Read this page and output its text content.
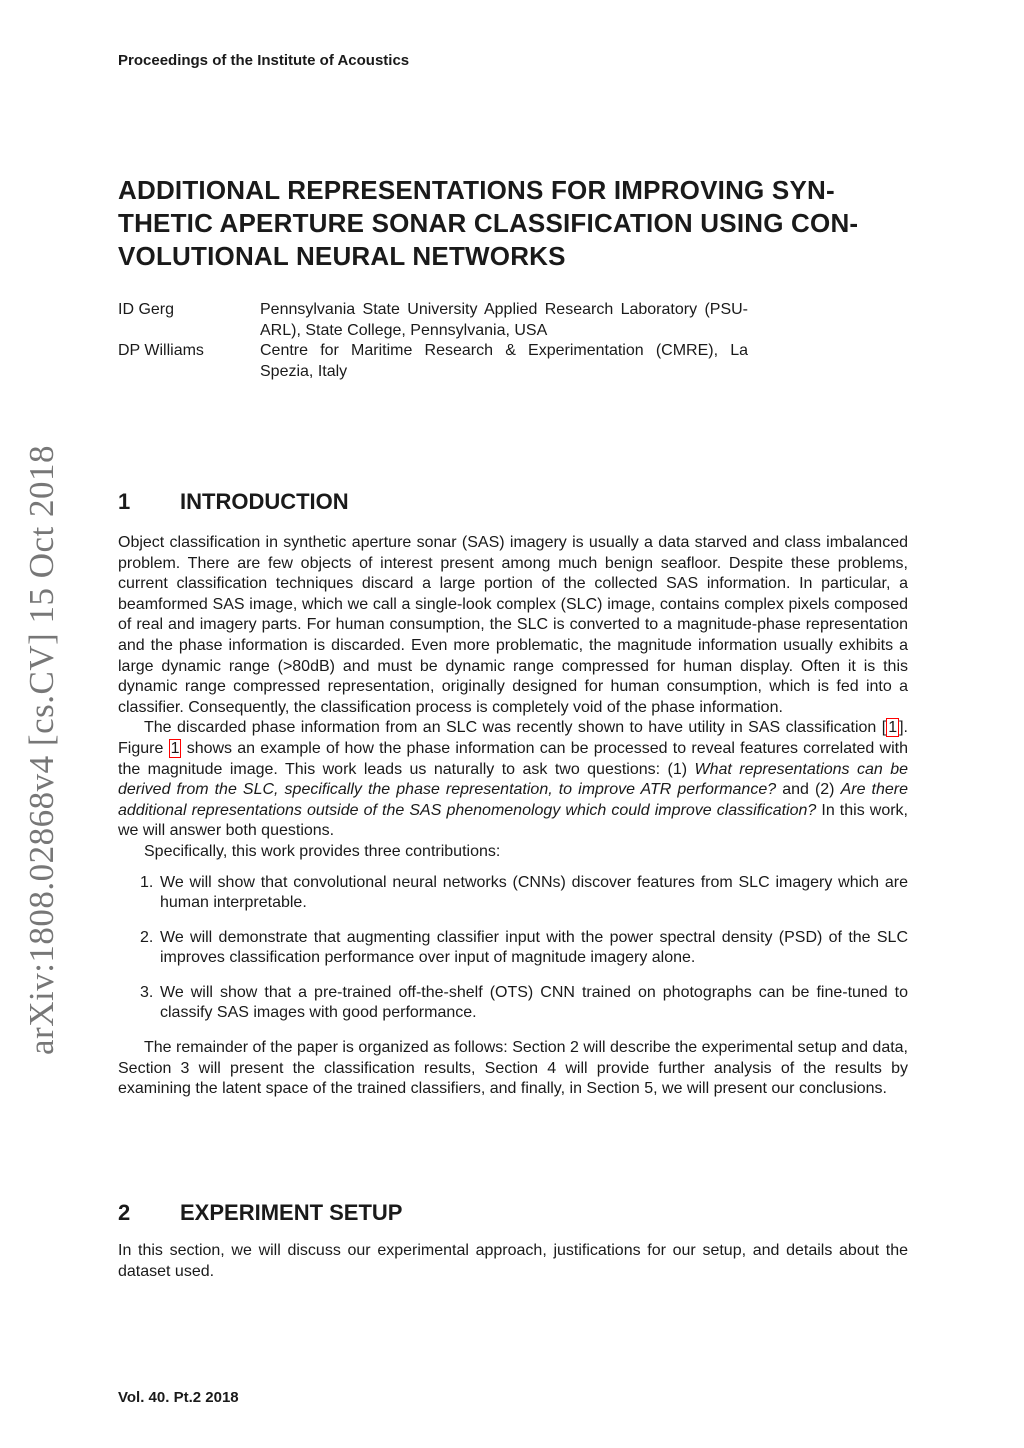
Proceedings of the Institute of Acoustics
ADDITIONAL REPRESENTATIONS FOR IMPROVING SYN-
THETIC APERTURE SONAR CLASSIFICATION USING CON-
VOLUTIONAL NEURAL NETWORKS
ID Gerg	Pennsylvania State University Applied Research Laboratory (PSU-ARL), State College, Pennsylvania, USA
DP Williams	Centre for Maritime Research & Experimentation (CMRE), La Spezia, Italy
arXiv:1808.02868v4 [cs.CV] 15 Oct 2018	1	INTRODUCTION

Object classification in synthetic aperture sonar (SAS) imagery is usually a data starved and class imbalanced problem. There are few objects of interest present among much benign seafloor. Despite these problems, current classification techniques discard a large portion of the collected SAS information. In particular, a beamformed SAS image, which we call a single-look complex (SLC) image, contains complex pixels composed of real and imagery parts. For human consumption, the SLC is converted to a magnitude-phase representation and the phase information is discarded. Even more problematic, the magnitude information usually exhibits a large dynamic range (>80dB) and must be dynamic range compressed for human display. Often it is this dynamic range compressed representation, originally designed for human consumption, which is fed into a classifier. Consequently, the classification process is completely void of the phase information.

The discarded phase information from an SLC was recently shown to have utility in SAS classification [ 1 ]. Figure 1 shows an example of how the phase information can be processed to reveal features correlated with the magnitude image. This work leads us naturally to ask two questions: (1) What representations can be derived from the SLC, specifically the phase representation, to improve ATR performance? and (2) Are there additional representations outside of the SAS phenomenology which could improve classification? In this work, we will answer both questions.

Specifically, this work provides three contributions:

1. We will show that convolutional neural networks (CNNs) discover features from SLC imagery which are human interpretable.
2. We will demonstrate that augmenting classifier input with the power spectral density (PSD) of the SLC improves classification performance over input of magnitude imagery alone.
3. We will show that a pre-trained off-the-shelf (OTS) CNN trained on photographs can be fine-tuned to classify SAS images with good performance.

The remainder of the paper is organized as follows: Section 2 will describe the experimental setup and data, Section 3 will present the classification results, Section 4 will provide further analysis of the results by examining the latent space of the trained classifiers, and finally, in Section 5, we will present our conclusions.

2	EXPERIMENT SETUP

In this section, we will discuss our experimental approach, justifications for our setup, and details about the dataset used.

Vol. 40. Pt.2 2018
